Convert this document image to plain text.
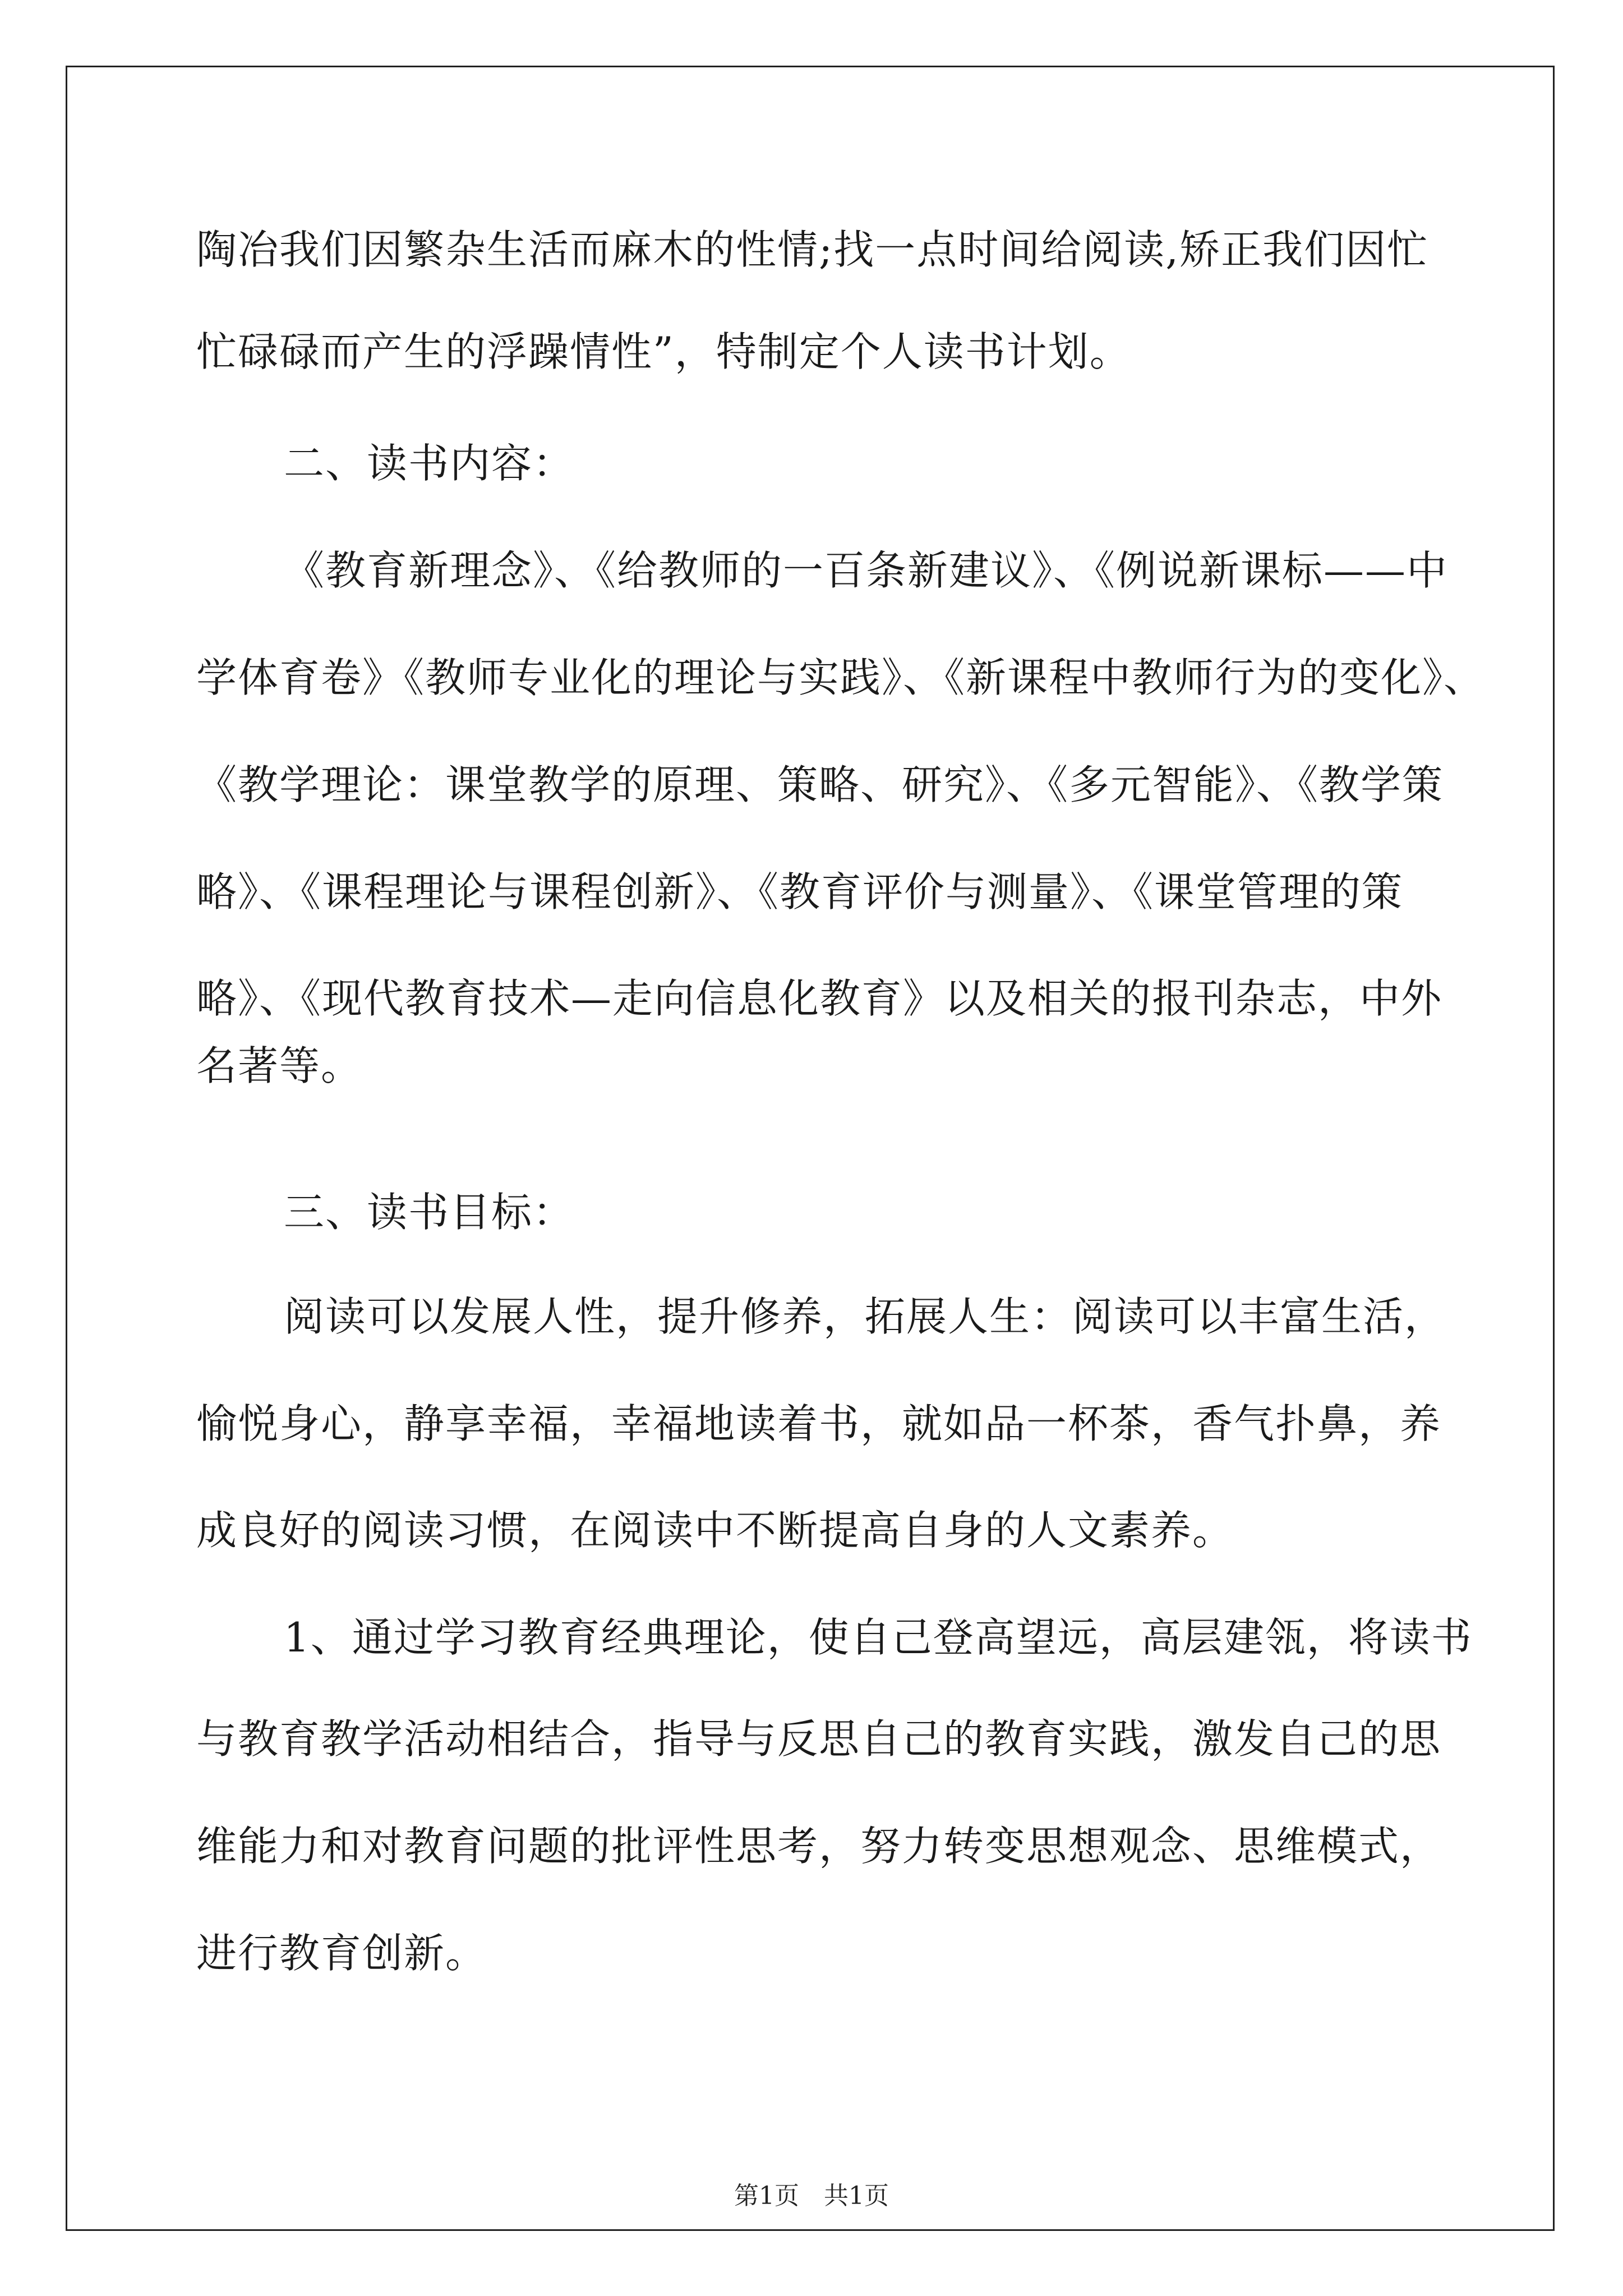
陶冶我们因繁杂生活而麻木的性情;找一点时间给阅读,矫正我们因忙
忙碌碌而产生的浮躁情性”，特制定个人读书计划。
二、读书内容：
《教育新理念》、《给教师的一百条新建议》、《例说新课标——中
学体育卷》《教师专业化的理论与实践》、《新课程中教师行为的变化》、
《教学理论：课堂教学的原理、策略、研究》、《多元智能》、《教学策
略》、《课程理论与课程创新》、《教育评价与测量》、《课堂管理的策
略》、《现代教育技术—走向信息化教育》以及相关的报刊杂志，中外
名著等。
三、读书目标：
阅读可以发展人性，提升修养，拓展人生：阅读可以丰富生活，
愉悦身心，静享幸福，幸福地读着书，就如品一杯茶，香气扑鼻，养
成良好的阅读习惯，在阅读中不断提高自身的人文素养。
1、通过学习教育经典理论，使自己登高望远，高层建瓴，将读书
与教育教学活动相结合，指导与反思自己的教育实践，激发自己的思
维能力和对教育问题的批评性思考，努力转变思想观念、思维模式，
进行教育创新。
第1页　共1页
